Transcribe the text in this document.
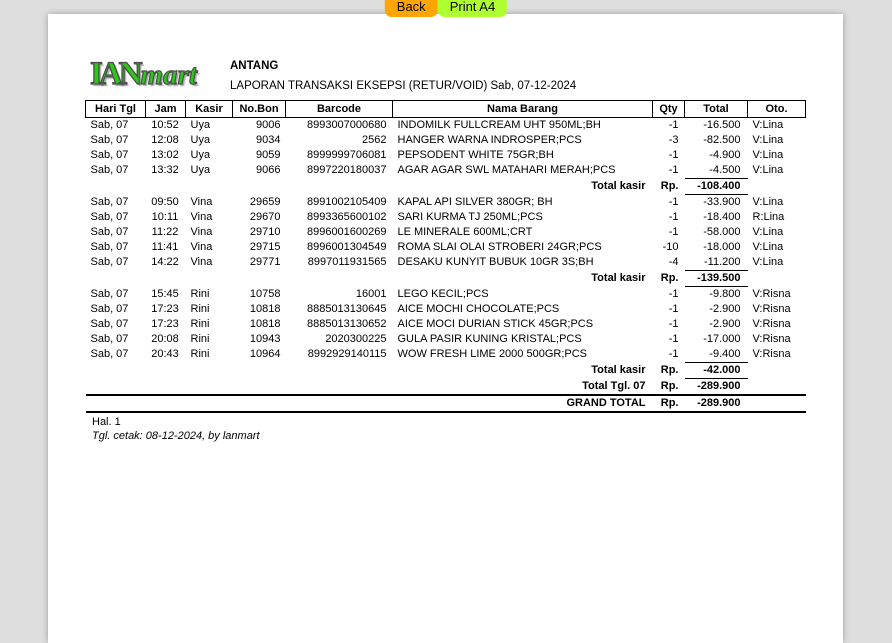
Back	Print A4
IANmart	ANTANG
LAPORAN TRANSAKSI EKSEPSI (RETUR/VOID) Sab, 07-12-2024
Hari Tgl	Jam	Kasir	No.Bon	Barcode	Nama Barang	Qty	Total	Oto.
Sab, 07	10:52	Uya	9006	8993007000680	INDOMILK FULLCREAM UHT 950ML;BH	-1	-16.500	V:Lina
Sab, 07	12:08	Uya	9034	2562	HANGER WARNA INDROSPER;PCS	-3	-82.500	V:Lina
Sab, 07	13:02	Uya	9059	8999999706081	PEPSODENT WHITE 75GR;BH	-1	-4.900	V:Lina
Sab, 07	13:32	Uya	9066	8997220180037	AGAR AGAR SWL MATAHARI MERAH;PCS	-1	-4.500	V:Lina
Total kasir						Rp.	-108.400	
Sab, 07	09:50	Vina	29659	8991002105409	KAPAL API SILVER 380GR; BH	-1	-33.900	V:Lina
Sab, 07	10:11	Vina	29670	8993365600102	SARI KURMA TJ 250ML;PCS	-1	-18.400	R:Lina
Sab, 07	11:22	Vina	29710	8996001600269	LE MINERALE 600ML;CRT	-1	-58.000	V:Lina
Sab, 07	11:41	Vina	29715	8996001304549	ROMA SLAI OLAI STROBERI 24GR;PCS	-10	-18.000	V:Lina
Sab, 07	14:22	Vina	29771	8997011931565	DESAKU KUNYIT BUBUK 10GR 3S;BH	-4	-11.200	V:Lina
Total kasir						Rp.	-139.500	
Sab, 07	15:45	Rini	10758	16001	LEGO KECIL;PCS	-1	-9.800	V:Risna
Sab, 07	17:23	Rini	10818	8885013130645	AICE MOCHI CHOCOLATE;PCS	-1	-2.900	V:Risna
Sab, 07	17:23	Rini	10818	8885013130652	AICE MOCI DURIAN STICK 45GR;PCS	-1	-2.900	V:Risna
Sab, 07	20:08	Rini	10943	2020300225	GULA PASIR KUNING KRISTAL;PCS	-1	-17.000	V:Risna
Sab, 07	20:43	Rini	10964	8992929140115	WOW FRESH LIME 2000 500GR;PCS	-1	-9.400	V:Risna
Total kasir						Rp.	-42.000	
Total Tgl. 07						Rp.	-289.900	
GRAND TOTAL						Rp.	-289.900	
Hal. 1
Tgl. cetak: 08-12-2024, by lanmart
